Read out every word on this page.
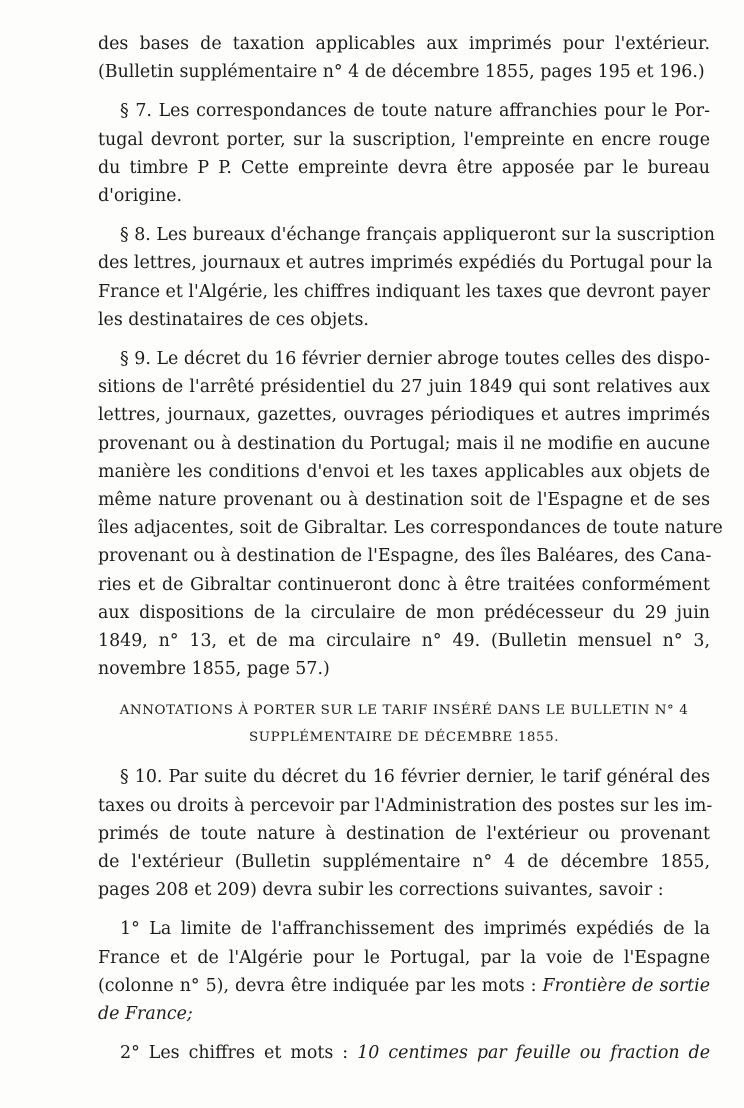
des bases de taxation applicables aux imprimés pour l'extérieur.
(Bulletin supplémentaire n° 4 de décembre 1855, pages 195 et 196.)

§ 7. Les correspondances de toute nature affranchies pour le Por-
tugal devront porter, sur la suscription, l'empreinte en encre rouge
du timbre P P. Cette empreinte devra être apposée par le bureau
d'origine.

§ 8. Les bureaux d'échange français appliqueront sur la suscription
des lettres, journaux et autres imprimés expédiés du Portugal pour la
France et l'Algérie, les chiffres indiquant les taxes que devront payer
les destinataires de ces objets.

§ 9. Le décret du 16 février dernier abroge toutes celles des dispo-
sitions de l'arrêté présidentiel du 27 juin 1849 qui sont relatives aux
lettres, journaux, gazettes, ouvrages périodiques et autres imprimés
provenant ou à destination du Portugal; mais il ne modifie en aucune
manière les conditions d'envoi et les taxes applicables aux objets de
même nature provenant ou à destination soit de l'Espagne et de ses
îles adjacentes, soit de Gibraltar. Les correspondances de toute nature
provenant ou à destination de l'Espagne, des îles Baléares, des Cana-
ries et de Gibraltar continueront donc à être traitées conformément
aux dispositions de la circulaire de mon prédécesseur du 29 juin
1849, n° 13, et de ma circulaire n° 49. (Bulletin mensuel n° 3,
novembre 1855, page 57.)

ANNOTATIONS À PORTER SUR LE TARIF INSÉRÉ DANS LE BULLETIN N° 4
SUPPLÉMENTAIRE DE DÉCEMBRE 1855.

§ 10. Par suite du décret du 16 février dernier, le tarif général des
taxes ou droits à percevoir par l'Administration des postes sur les im-
primés de toute nature à destination de l'extérieur ou provenant
de l'extérieur (Bulletin supplémentaire n° 4 de décembre 1855,
pages 208 et 209) devra subir les corrections suivantes, savoir :

1° La limite de l'affranchissement des imprimés expédiés de la
France et de l'Algérie pour le Portugal, par la voie de l'Espagne
(colonne n° 5), devra être indiquée par les mots : Frontière de sortie
de France;

2° Les chiffres et mots : 10 centimes par feuille ou fraction de
